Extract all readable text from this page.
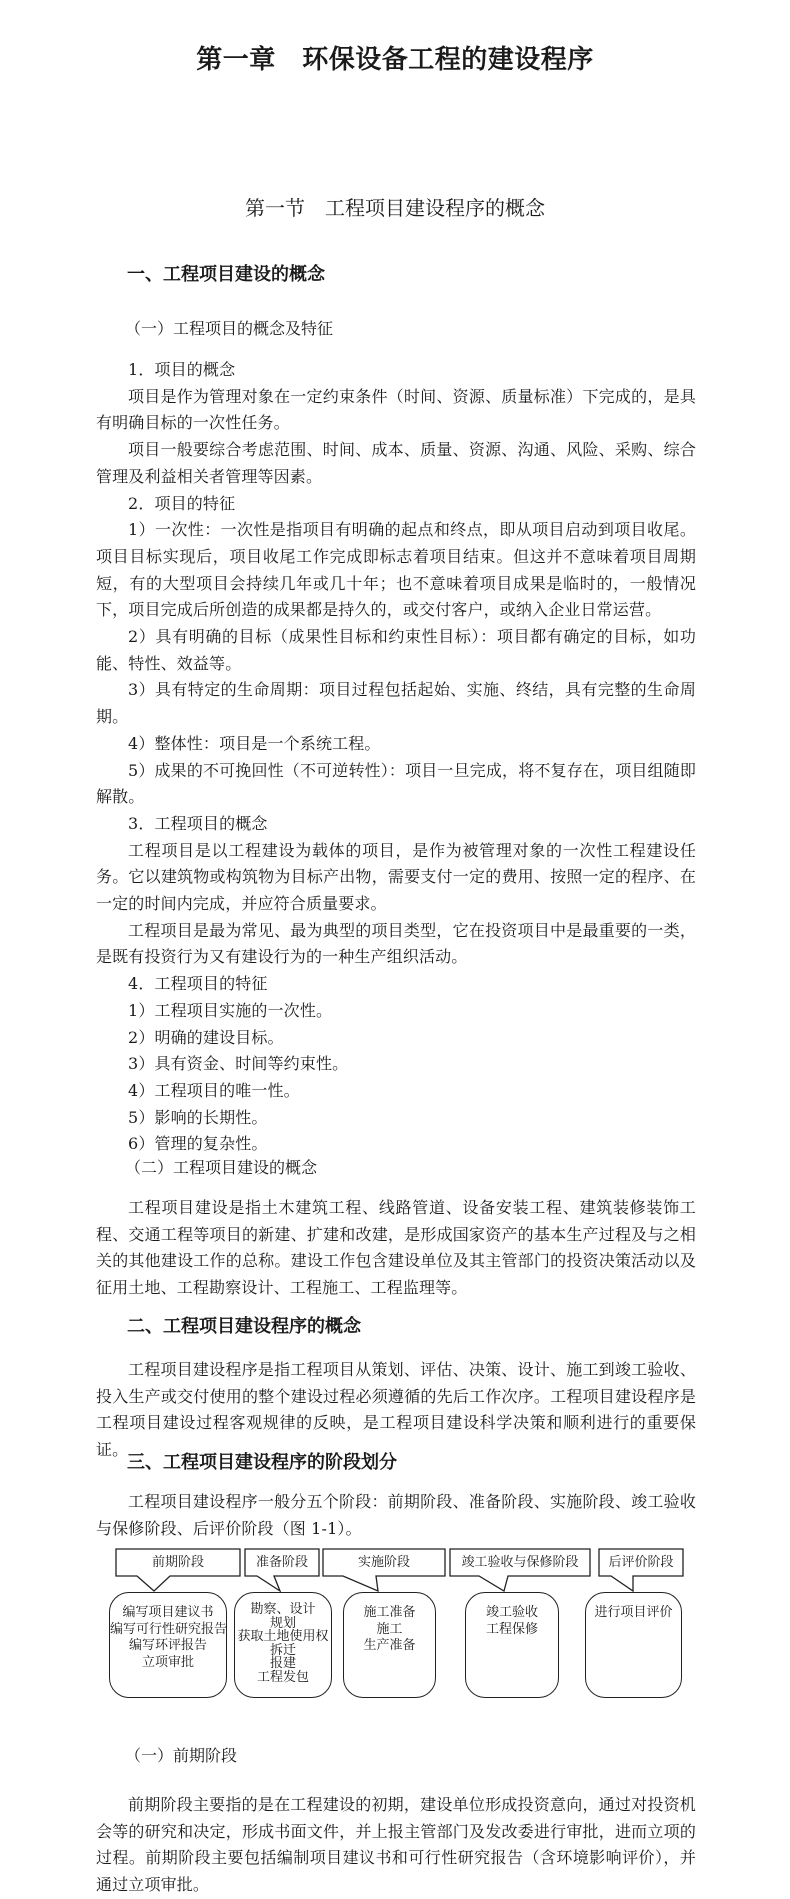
第一章　环保设备工程的建设程序
第一节　工程项目建设程序的概念
一、工程项目建设的概念
（一）工程项目的概念及特征

1．项目的概念

项目是作为管理对象在一定约束条件（时间、资源、质量标准）下完成的，是具有明确目标的一次性任务。

项目一般要综合考虑范围、时间、成本、质量、资源、沟通、风险、采购、综合管理及利益相关者管理等因素。

2．项目的特征

1）一次性：一次性是指项目有明确的起点和终点，即从项目启动到项目收尾。项目目标实现后，项目收尾工作完成即标志着项目结束。但这并不意味着项目周期短，有的大型项目会持续几年或几十年；也不意味着项目成果是临时的，一般情况下，项目完成后所创造的成果都是持久的，或交付客户，或纳入企业日常运营。

2）具有明确的目标（成果性目标和约束性目标）：项目都有确定的目标，如功能、特性、效益等。

3）具有特定的生命周期：项目过程包括起始、实施、终结，具有完整的生命周期。

4）整体性：项目是一个系统工程。

5）成果的不可挽回性（不可逆转性）：项目一旦完成，将不复存在，项目组随即解散。

3．工程项目的概念

工程项目是以工程建设为载体的项目，是作为被管理对象的一次性工程建设任务。它以建筑物或构筑物为目标产出物，需要支付一定的费用、按照一定的程序、在一定的时间内完成，并应符合质量要求。

工程项目是最为常见、最为典型的项目类型，它在投资项目中是最重要的一类，是既有投资行为又有建设行为的一种生产组织活动。

4．工程项目的特征

1）工程项目实施的一次性。

2）明确的建设目标。

3）具有资金、时间等约束性。

4）工程项目的唯一性。

5）影响的长期性。

6）管理的复杂性。

（二）工程项目建设的概念

工程项目建设是指土木建筑工程、线路管道、设备安装工程、建筑装修装饰工程、交通工程等项目的新建、扩建和改建，是形成国家资产的基本生产过程及与之相关的其他建设工作的总称。建设工作包含建设单位及其主管部门的投资决策活动以及征用土地、工程勘察设计、工程施工、工程监理等。

二、工程项目建设程序的概念

工程项目建设程序是指工程项目从策划、评估、决策、设计、施工到竣工验收、投入生产或交付使用的整个建设过程必须遵循的先后工作次序。工程项目建设程序是工程项目建设过程客观规律的反映，是工程项目建设科学决策和顺利进行的重要保证。

三、工程项目建设程序的阶段划分

工程项目建设程序一般分五个阶段：前期阶段、准备阶段、实施阶段、竣工验收与保修阶段、后评价阶段（图 1-1）。

前期阶段	准备阶段	实施阶段	竣工验收与保修阶段	后评价阶段
编写项目建议书
编写可行性研究报告
编写环评报告
立项审批
勘察、设计
规划
获取土地使用权
拆迁
报建
工程发包
施工准备
施工
生产准备
竣工验收
工程保修
进行项目评价
（一）前期阶段

前期阶段主要指的是在工程建设的初期，建设单位形成投资意向，通过对投资机会等的研究和决定，形成书面文件，并上报主管部门及发改委进行审批，进而立项的过程。前期阶段主要包括编制项目建议书和可行性研究报告（含环境影响评价），并通过立项审批。
